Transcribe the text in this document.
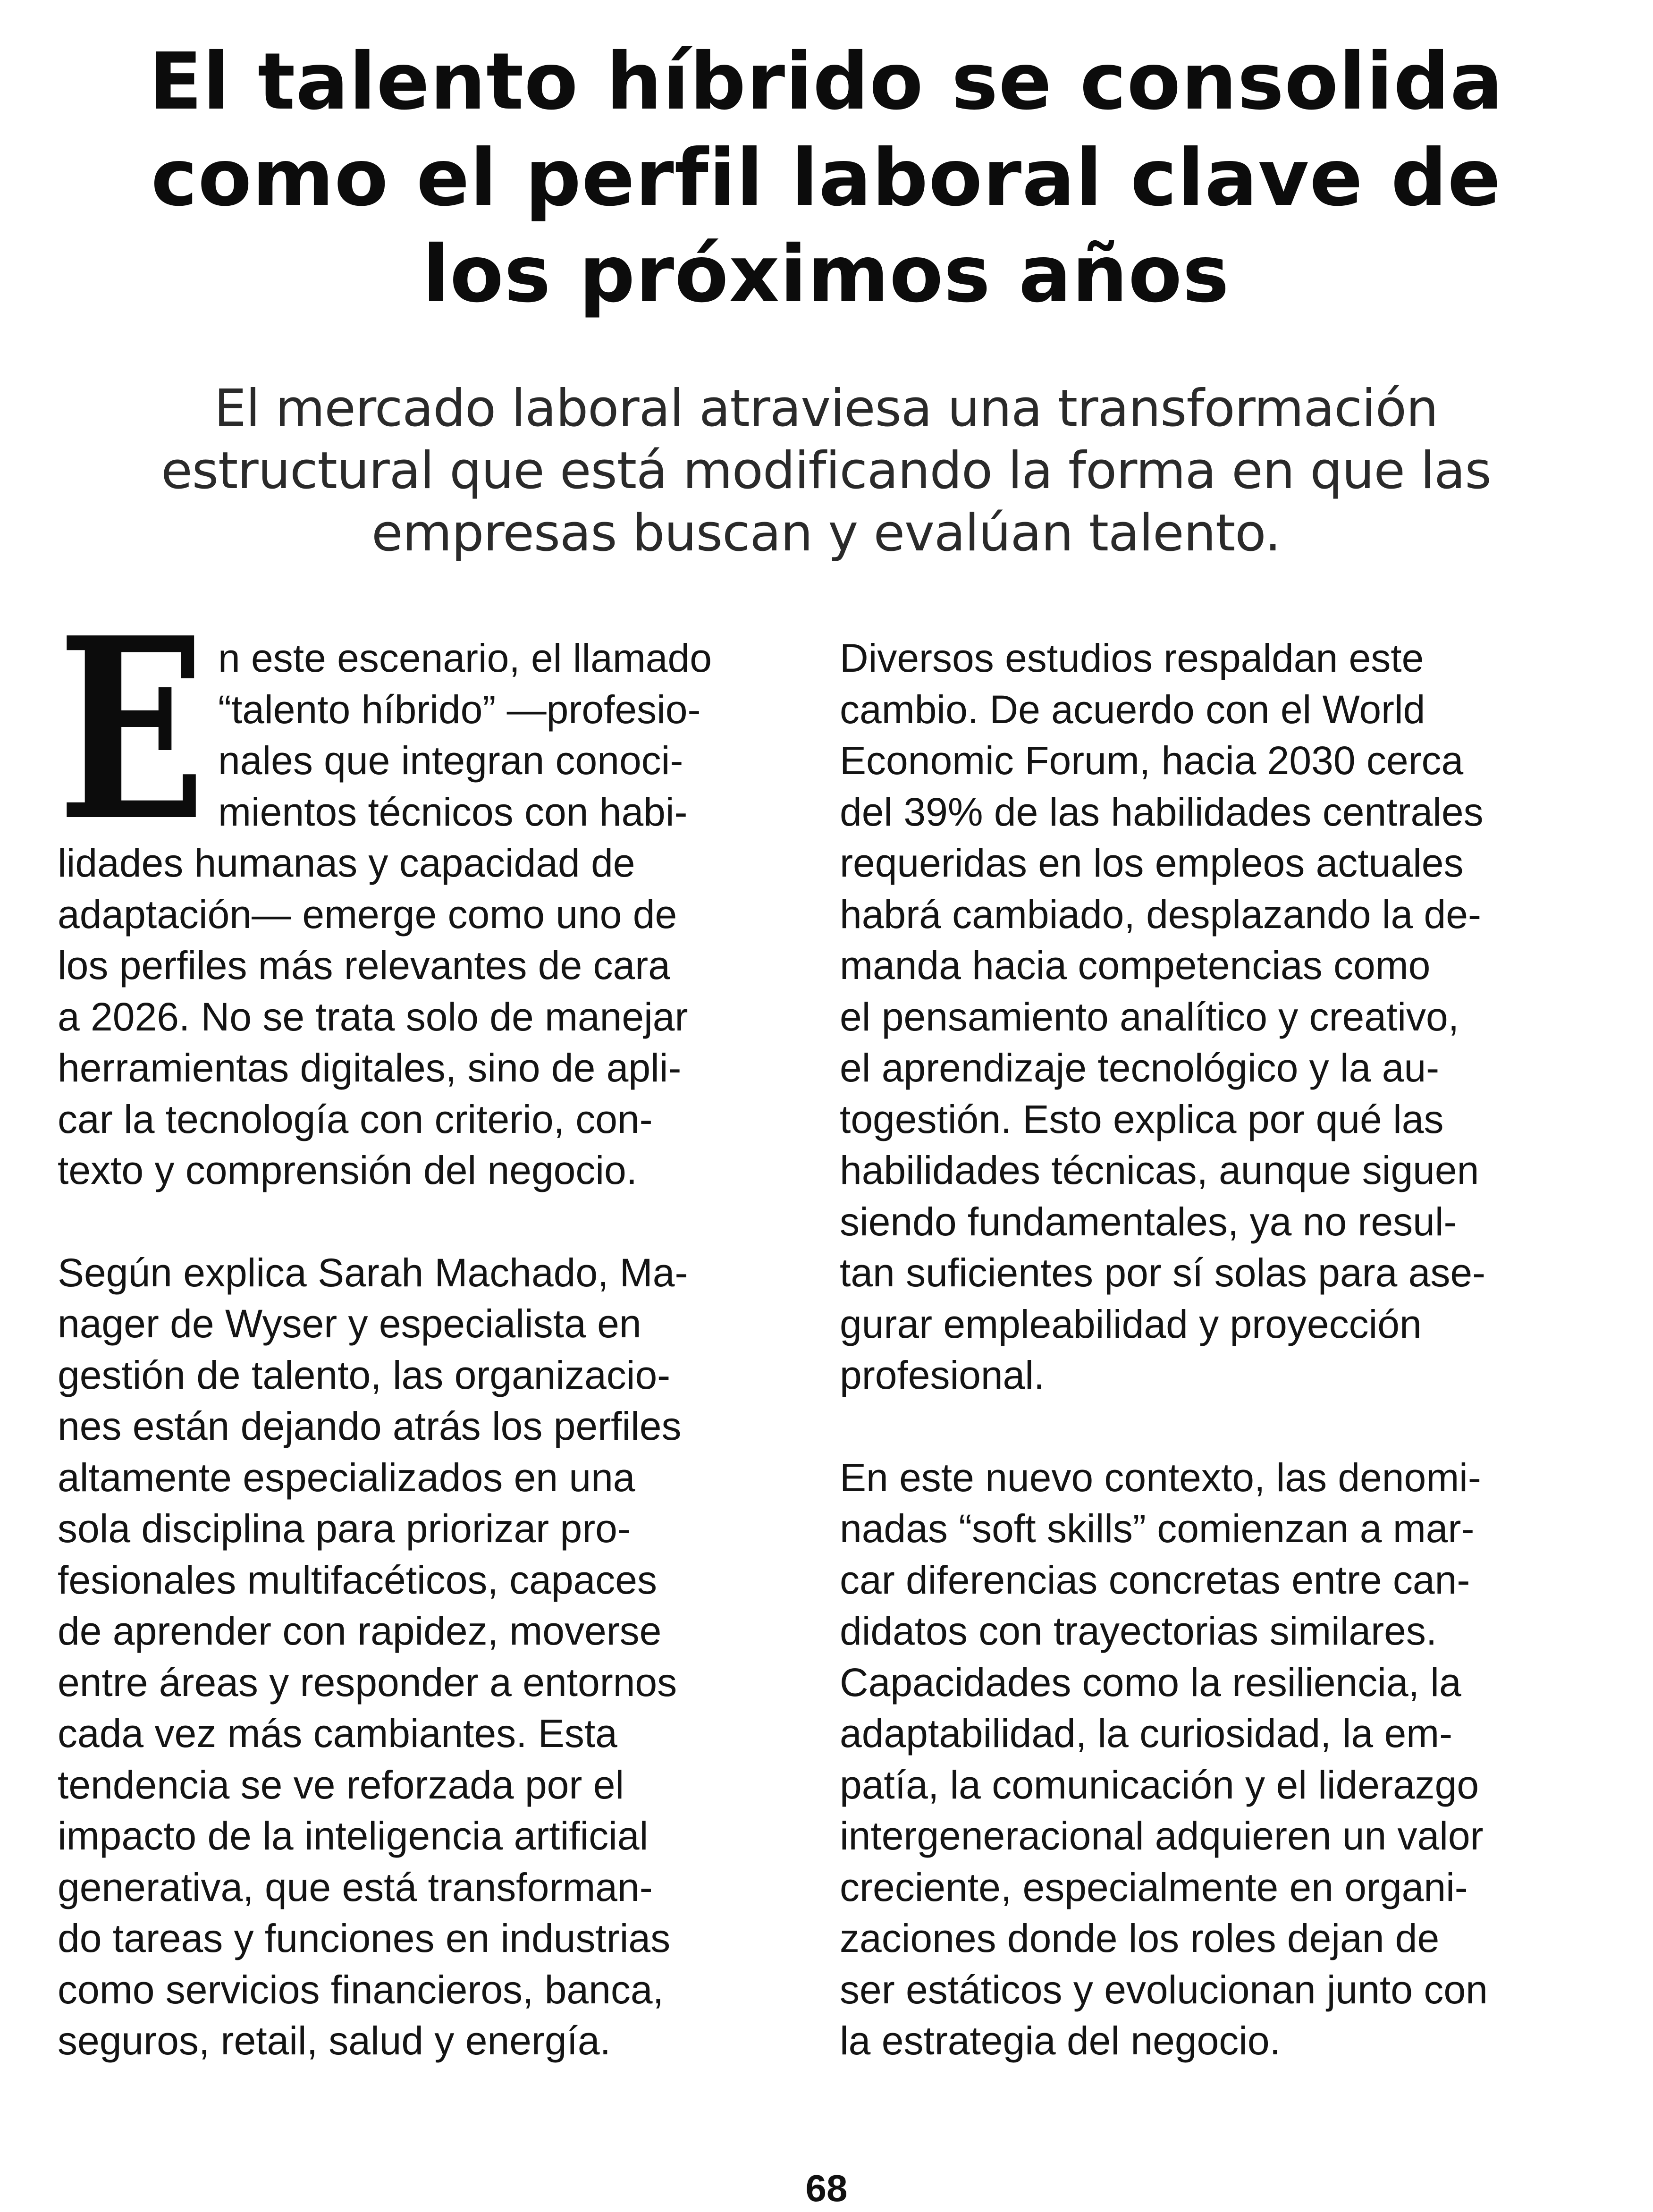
El talento híbrido se consolida
como el perfil laboral clave de
los próximos años
El mercado laboral atraviesa una transformación
estructural que está modificando la forma en que las
empresas buscan y evalúan talento.

E n este escenario, el llamado
“talento híbrido” —profesio-
nales que integran conoci-
mientos técnicos con habi-
lidades humanas y capacidad de
adaptación— emerge como uno de
los perfiles más relevantes de cara
a 2026. No se trata solo de manejar
herramientas digitales, sino de apli-
car la tecnología con criterio, con-
texto y comprensión del negocio.

Según explica Sarah Machado, Ma-
nager de Wyser y especialista en
gestión de talento, las organizacio-
nes están dejando atrás los perfiles
altamente especializados en una
sola disciplina para priorizar pro-
fesionales multifacéticos, capaces
de aprender con rapidez, moverse
entre áreas y responder a entornos
cada vez más cambiantes. Esta
tendencia se ve reforzada por el
impacto de la inteligencia artificial
generativa, que está transforman-
do tareas y funciones en industrias
como servicios financieros, banca,
seguros, retail, salud y energía.

Diversos estudios respaldan este
cambio. De acuerdo con el World
Economic Forum, hacia 2030 cerca
del 39% de las habilidades centrales
requeridas en los empleos actuales
habrá cambiado, desplazando la de-
manda hacia competencias como
el pensamiento analítico y creativo,
el aprendizaje tecnológico y la au-
togestión. Esto explica por qué las
habilidades técnicas, aunque siguen
siendo fundamentales, ya no resul-
tan suficientes por sí solas para ase-
gurar empleabilidad y proyección
profesional.

En este nuevo contexto, las denomi-
nadas “soft skills” comienzan a mar-
car diferencias concretas entre can-
didatos con trayectorias similares.
Capacidades como la resiliencia, la
adaptabilidad, la curiosidad, la em-
patía, la comunicación y el liderazgo
intergeneracional adquieren un valor
creciente, especialmente en organi-
zaciones donde los roles dejan de
ser estáticos y evolucionan junto con
la estrategia del negocio.

68
